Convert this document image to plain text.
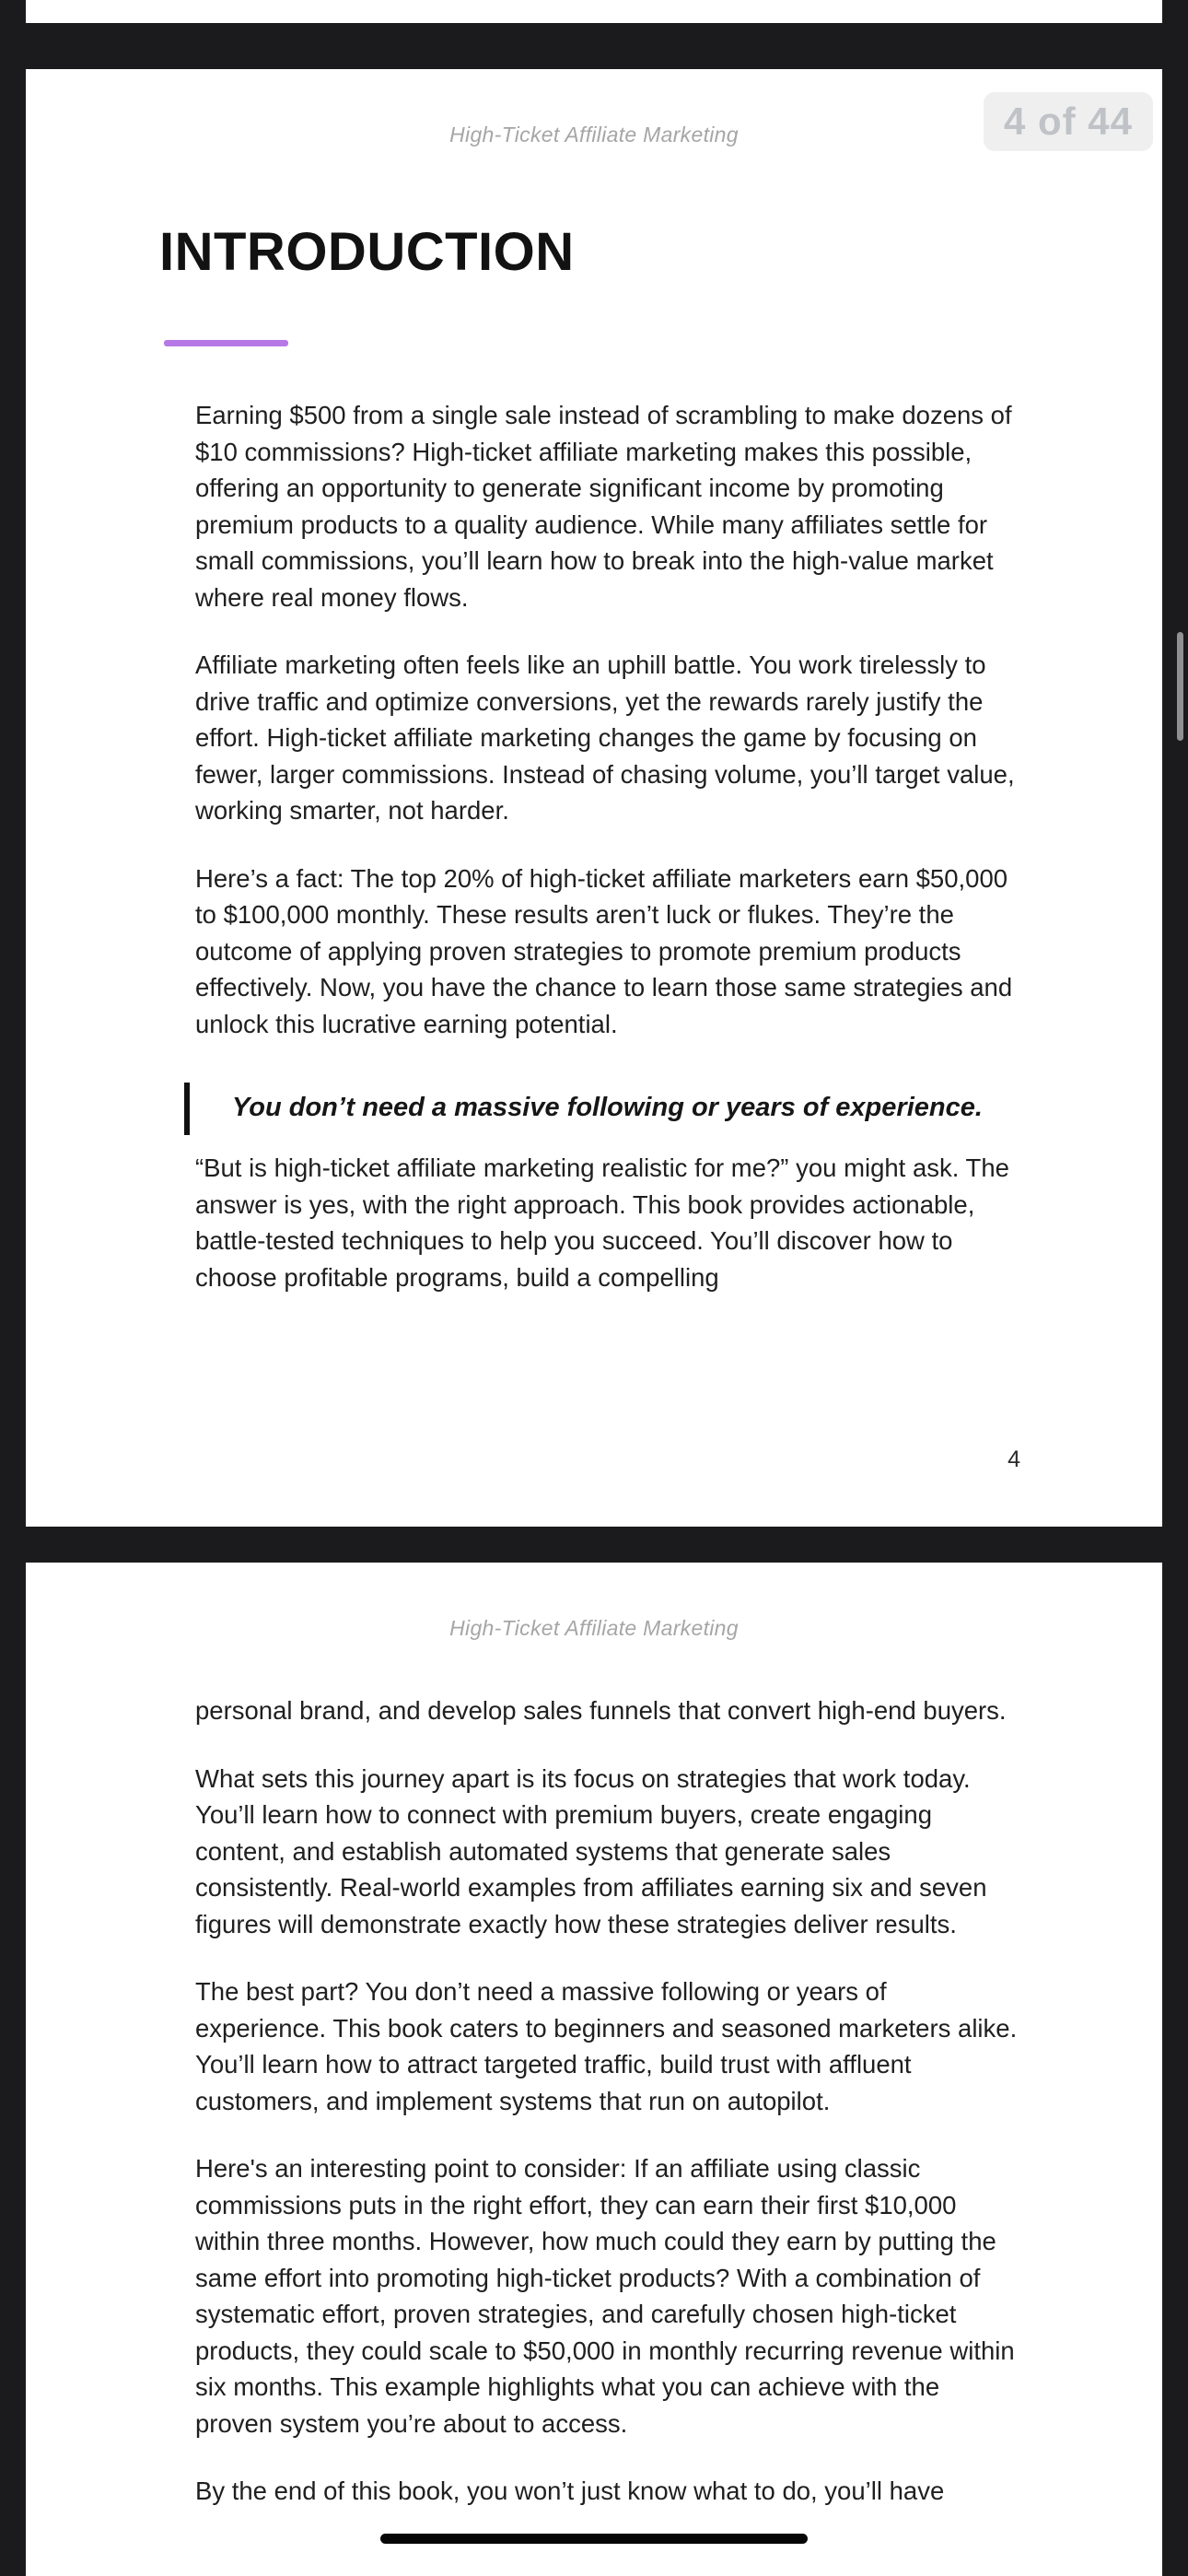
High-Ticket Affiliate Marketing
INTRODUCTION

Earning $500 from a single sale instead of scrambling to make dozens of $10 commissions? High-ticket affiliate marketing makes this possible, offering an opportunity to generate significant income by promoting premium products to a quality audience. While many affiliates settle for small commissions, you’ll learn how to break into the high-value market where real money flows.

Affiliate marketing often feels like an uphill battle. You work tirelessly to drive traffic and optimize conversions, yet the rewards rarely justify the effort. High-ticket affiliate marketing changes the game by focusing on fewer, larger commissions. Instead of chasing volume, you’ll target value, working smarter, not harder.

Here’s a fact: The top 20% of high-ticket affiliate marketers earn $50,000 to $100,000 monthly. These results aren’t luck or flukes. They’re the outcome of applying proven strategies to promote premium products effectively. Now, you have the chance to learn those same strategies and unlock this lucrative earning potential.

You don’t need a massive following or years of experience.

“But is high-ticket affiliate marketing realistic for me?” you might ask. The answer is yes, with the right approach. This book provides actionable, battle-tested techniques to help you succeed. You’ll discover how to choose profitable programs, build a compelling

4
High-Ticket Affiliate Marketing

personal brand, and develop sales funnels that convert high-end buyers.

What sets this journey apart is its focus on strategies that work today. You’ll learn how to connect with premium buyers, create engaging content, and establish automated systems that generate sales consistently. Real-world examples from affiliates earning six and seven figures will demonstrate exactly how these strategies deliver results.

The best part? You don’t need a massive following or years of experience. This book caters to beginners and seasoned marketers alike. You’ll learn how to attract targeted traffic, build trust with affluent customers, and implement systems that run on autopilot.

Here's an interesting point to consider: If an affiliate using classic commissions puts in the right effort, they can earn their first $10,000 within three months. However, how much could they earn by putting the same effort into promoting high-ticket products? With a combination of systematic effort, proven strategies, and carefully chosen high-ticket products, they could scale to $50,000 in monthly recurring revenue within six months. This example highlights what you can achieve with the proven system you’re about to access.

By the end of this book, you won’t just know what to do, you’ll have

4 of 44
